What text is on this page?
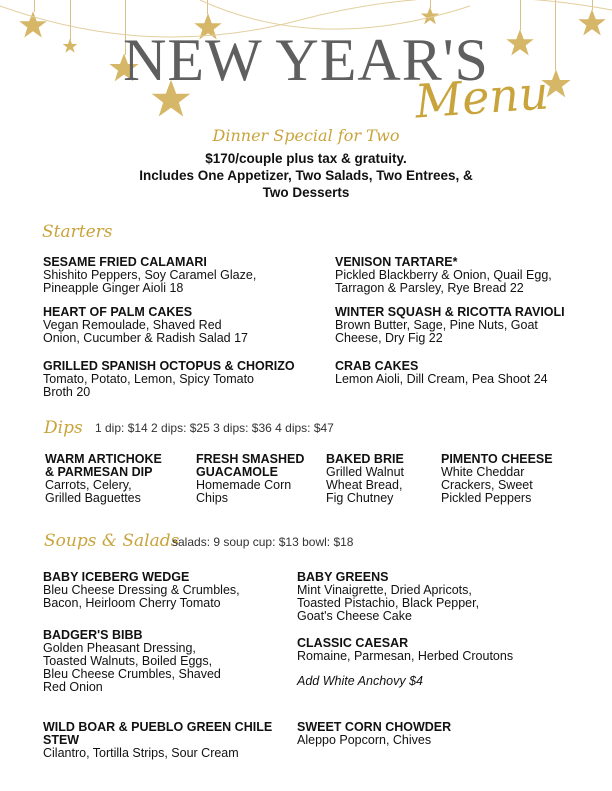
NEW YEAR'S
Menu
Dinner Special for Two
$170/couple plus tax & gratuity.
Includes One Appetizer, Two Salads, Two Entrees, &
Two Desserts
Starters
SESAME FRIED CALAMARI
Shishito Peppers, Soy Caramel Glaze,
Pineapple Ginger Aioli 18
VENISON TARTARE*
Pickled Blackberry & Onion, Quail Egg,
Tarragon & Parsley, Rye Bread 22
HEART OF PALM CAKES
Vegan Remoulade, Shaved Red
Onion, Cucumber & Radish Salad 17
WINTER SQUASH & RICOTTA RAVIOLI
Brown Butter, Sage, Pine Nuts, Goat
Cheese, Dry Fig 22
GRILLED SPANISH OCTOPUS & CHORIZO
Tomato, Potato, Lemon, Spicy Tomato
Broth 20
CRAB CAKES
Lemon Aioli, Dill Cream, Pea Shoot 24
Dips 1 dip: $14 2 dips: $25 3 dips: $36 4 dips: $47
WARM ARTICHOKE
& PARMESAN DIP
Carrots, Celery,
Grilled Baguettes
FRESH SMASHED
GUACAMOLE
Homemade Corn
Chips
BAKED BRIE
Grilled Walnut
Wheat Bread,
Fig Chutney
PIMENTO CHEESE
White Cheddar
Crackers, Sweet
Pickled Peppers
Soups & Salads
salads: 9 soup cup: $13 bowl: $18
BABY ICEBERG WEDGE
Bleu Cheese Dressing & Crumbles,
Bacon, Heirloom Cherry Tomato
BABY GREENS
Mint Vinaigrette, Dried Apricots,
Toasted Pistachio, Black Pepper,
Goat's Cheese Cake
BADGER'S BIBB
Golden Pheasant Dressing,
Toasted Walnuts, Boiled Eggs,
Bleu Cheese Crumbles, Shaved
Red Onion
CLASSIC CAESAR
Romaine, Parmesan, Herbed Croutons
Add White Anchovy $4
WILD BOAR & PUEBLO GREEN CHILE
STEW
Cilantro, Tortilla Strips, Sour Cream
SWEET CORN CHOWDER
Aleppo Popcorn, Chives
